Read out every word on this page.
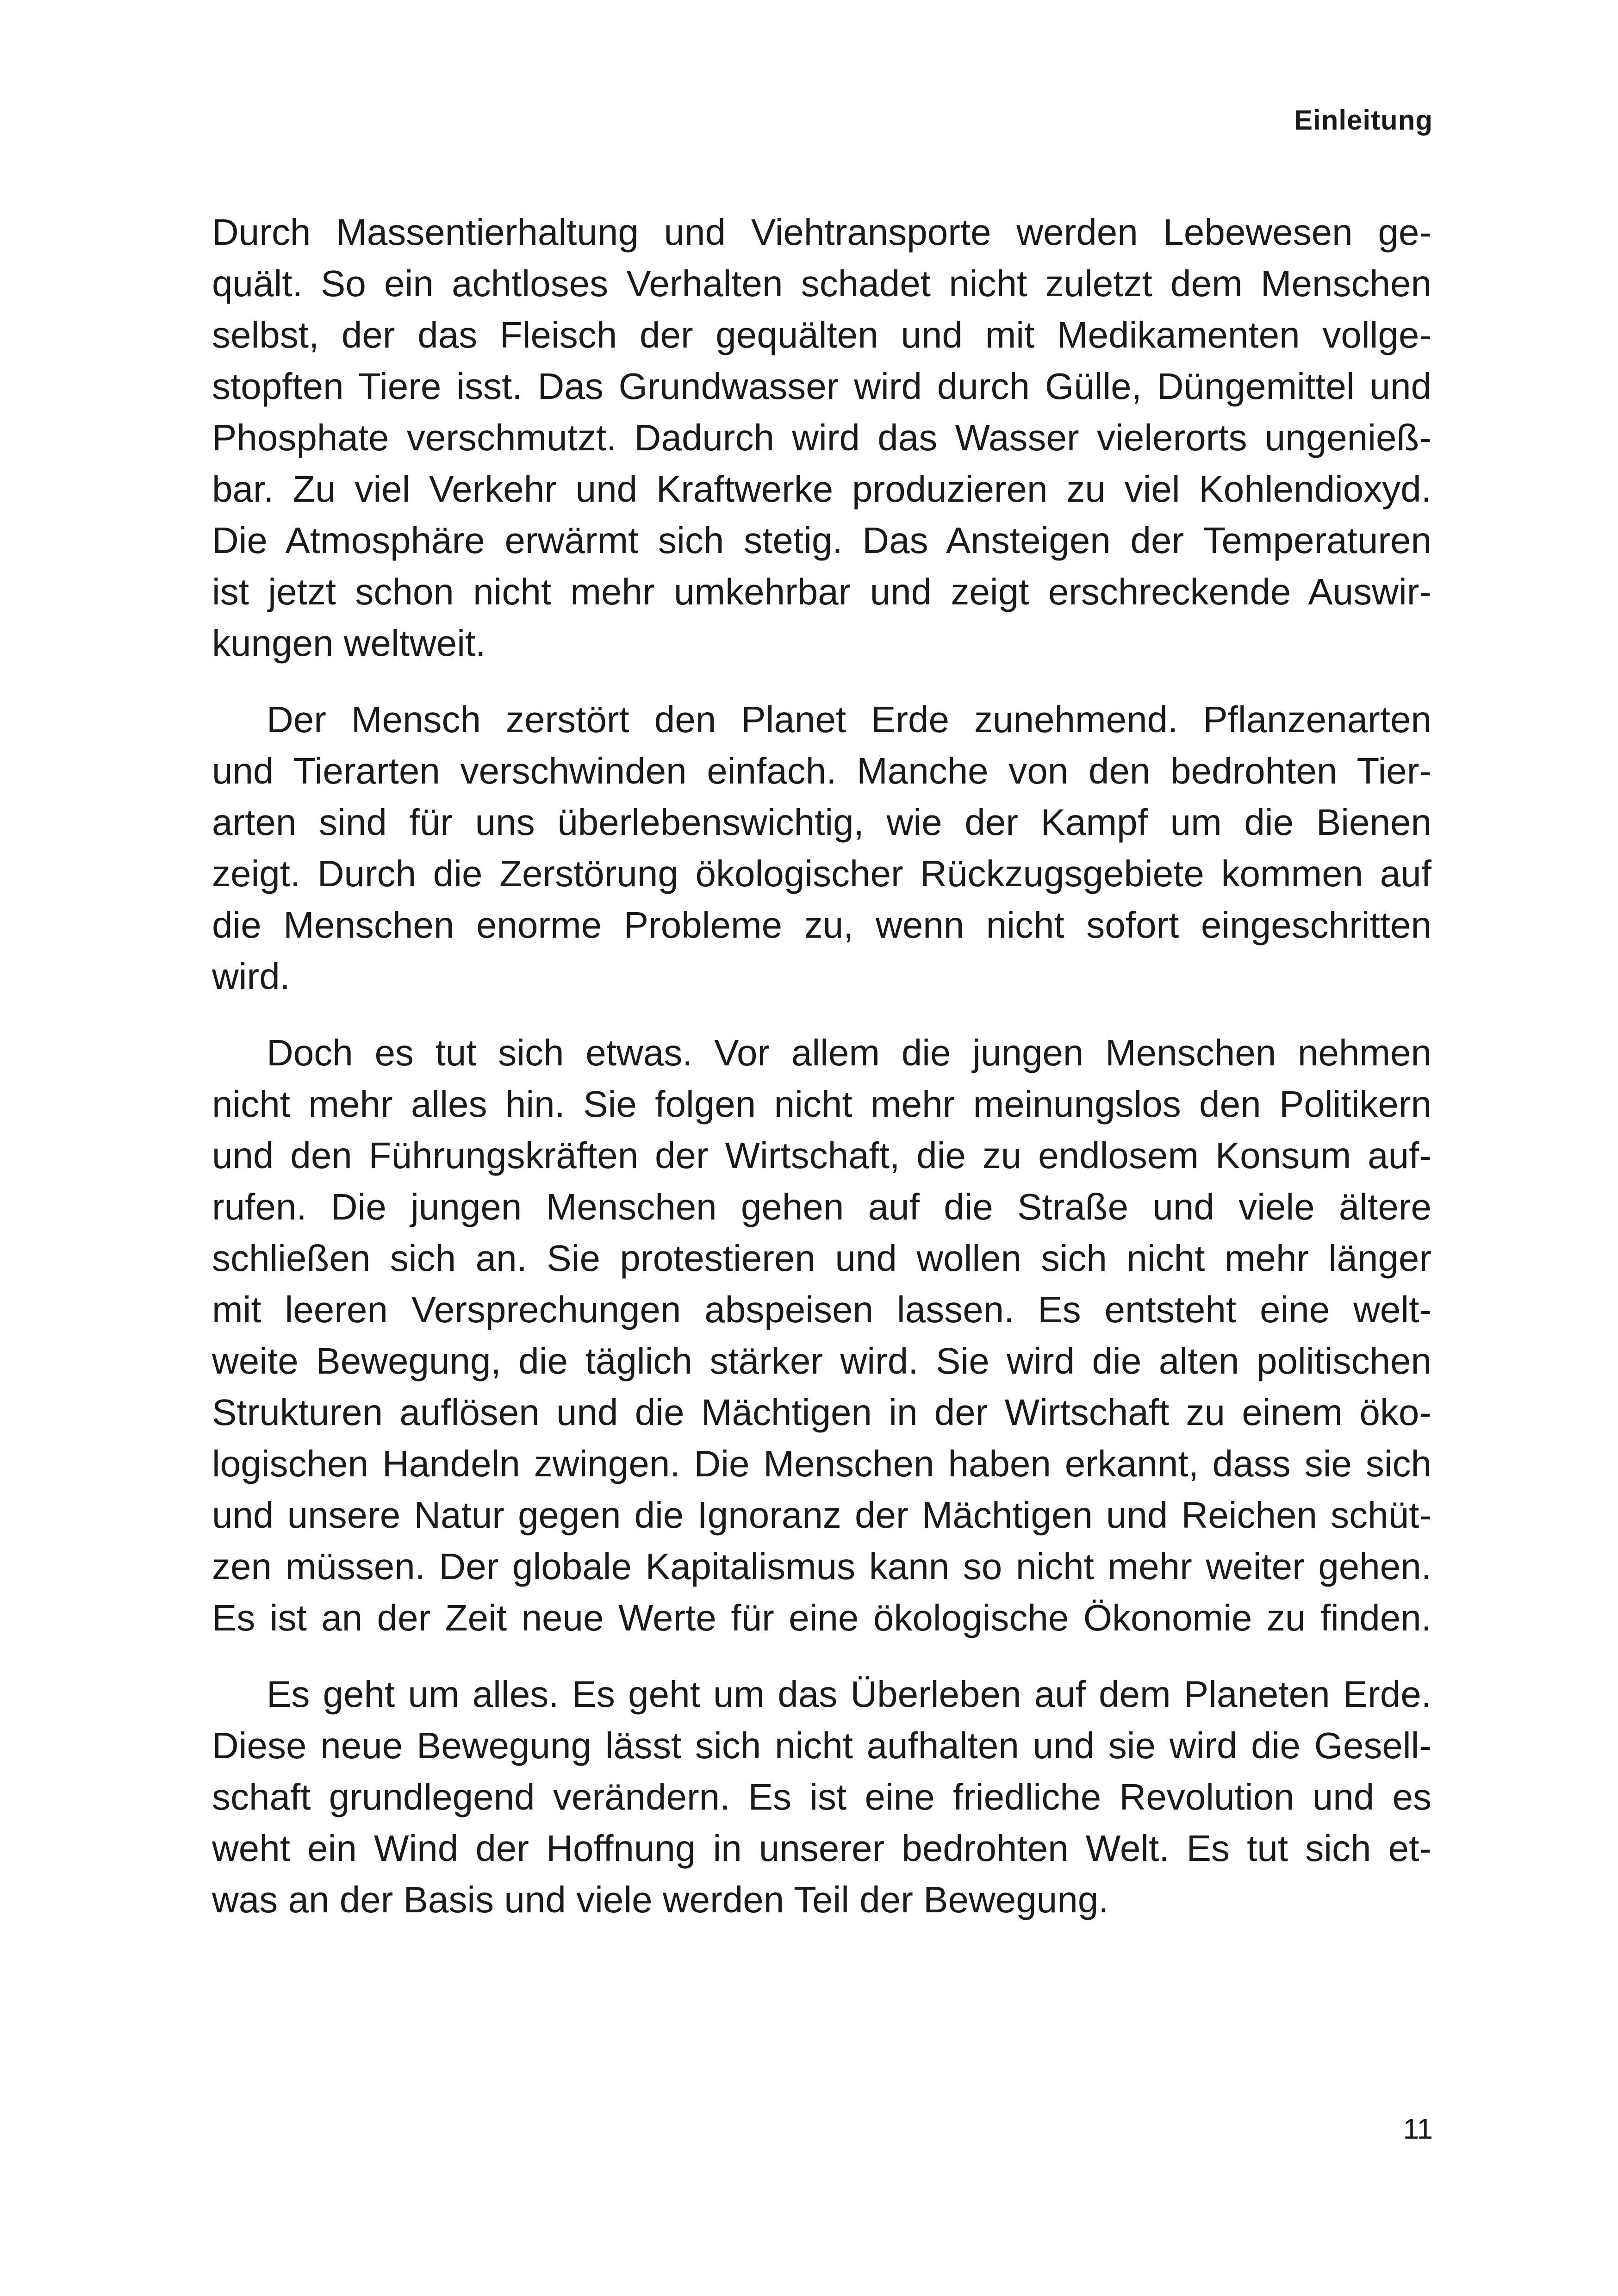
Einleitung

Durch Massentierhaltung und Viehtransporte werden Lebewesen ge-
quält. So ein achtloses Verhalten schadet nicht zuletzt dem Menschen
selbst, der das Fleisch der gequälten und mit Medikamenten vollge-
stopften Tiere isst. Das Grundwasser wird durch Gülle, Düngemittel und
Phosphate verschmutzt. Dadurch wird das Wasser vielerorts ungenieß-
bar. Zu viel Verkehr und Kraftwerke produzieren zu viel Kohlendioxyd.
Die Atmosphäre erwärmt sich stetig. Das Ansteigen der Temperaturen
ist jetzt schon nicht mehr umkehrbar und zeigt erschreckende Auswir-
kungen weltweit.

Der Mensch zerstört den Planet Erde zunehmend. Pflanzenarten
und Tierarten verschwinden einfach. Manche von den bedrohten Tier-
arten sind für uns überlebenswichtig, wie der Kampf um die Bienen
zeigt. Durch die Zerstörung ökologischer Rückzugsgebiete kommen auf
die Menschen enorme Probleme zu, wenn nicht sofort eingeschritten
wird.

Doch es tut sich etwas. Vor allem die jungen Menschen nehmen
nicht mehr alles hin. Sie folgen nicht mehr meinungslos den Politikern
und den Führungskräften der Wirtschaft, die zu endlosem Konsum auf-
rufen. Die jungen Menschen gehen auf die Straße und viele ältere
schließen sich an. Sie protestieren und wollen sich nicht mehr länger
mit leeren Versprechungen abspeisen lassen. Es entsteht eine welt-
weite Bewegung, die täglich stärker wird. Sie wird die alten politischen
Strukturen auflösen und die Mächtigen in der Wirtschaft zu einem öko-
logischen Handeln zwingen. Die Menschen haben erkannt, dass sie sich
und unsere Natur gegen die Ignoranz der Mächtigen und Reichen schüt-
zen müssen. Der globale Kapitalismus kann so nicht mehr weiter gehen.
Es ist an der Zeit neue Werte für eine ökologische Ökonomie zu finden.

Es geht um alles. Es geht um das Überleben auf dem Planeten Erde.
Diese neue Bewegung lässt sich nicht aufhalten und sie wird die Gesell-
schaft grundlegend verändern. Es ist eine friedliche Revolution und es
weht ein Wind der Hoffnung in unserer bedrohten Welt. Es tut sich et-
was an der Basis und viele werden Teil der Bewegung.

11
